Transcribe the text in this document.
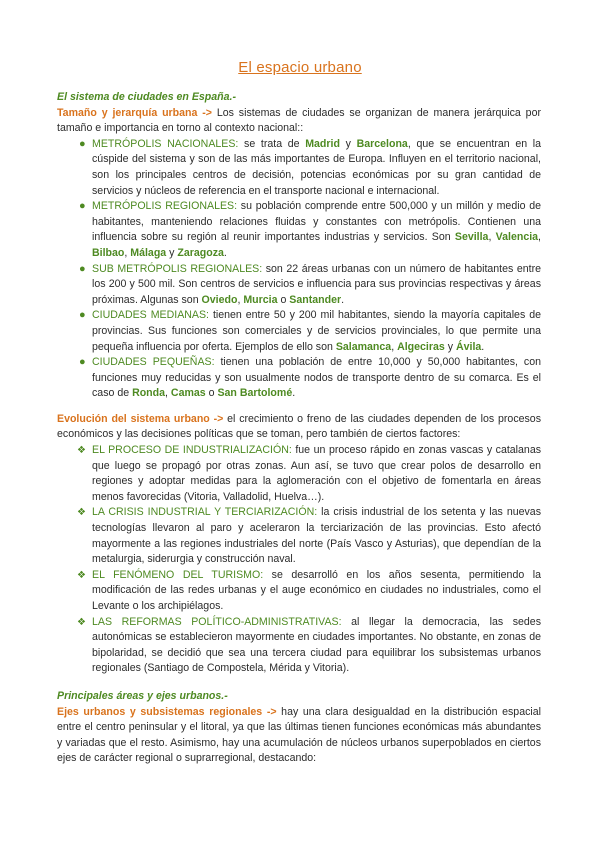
El espacio urbano
El sistema de ciudades en España.-

Tamaño y jerarquía urbana -> Los sistemas de ciudades se organizan de manera jerárquica por tamaño e importancia en torno al contexto nacional::

● METRÓPOLIS NACIONALES: se trata de Madrid y Barcelona, que se encuentran en la cúspide del sistema y son de las más importantes de Europa. Influyen en el territorio nacional, son los principales centros de decisión, potencias económicas por su gran cantidad de servicios y núcleos de referencia en el transporte nacional e internacional.
● METRÓPOLIS REGIONALES: su población comprende entre 500,000 y un millón y medio de habitantes, manteniendo relaciones fluidas y constantes con metrópolis. Contienen una influencia sobre su región al reunir importantes industrias y servicios. Son Sevilla, Valencia, Bilbao, Málaga y Zaragoza.
● SUB METRÓPOLIS REGIONALES: son 22 áreas urbanas con un número de habitantes entre los 200 y 500 mil. Son centros de servicios e influencia para sus provincias respectivas y áreas próximas. Algunas son Oviedo, Murcia o Santander.
● CIUDADES MEDIANAS: tienen entre 50 y 200 mil habitantes, siendo la mayoría capitales de provincias. Sus funciones son comerciales y de servicios provinciales, lo que permite una pequeña influencia por oferta. Ejemplos de ello son Salamanca, Algeciras y Ávila.
● CIUDADES PEQUEÑAS: tienen una población de entre 10,000 y 50,000 habitantes, con funciones muy reducidas y son usualmente nodos de transporte dentro de su comarca. Es el caso de Ronda, Camas o San Bartolomé.

Evolución del sistema urbano -> el crecimiento o freno de las ciudades dependen de los procesos económicos y las decisiones políticas que se toman, pero también de ciertos factores:

❖ EL PROCESO DE INDUSTRIALIZACIÓN: fue un proceso rápido en zonas vascas y catalanas que luego se propagó por otras zonas. Aun así, se tuvo que crear polos de desarrollo en regiones y adoptar medidas para la aglomeración con el objetivo de fomentarla en áreas menos favorecidas (Vitoria, Valladolid, Huelva…).
❖ LA CRISIS INDUSTRIAL Y TERCIARIZACIÓN: la crisis industrial de los setenta y las nuevas tecnologías llevaron al paro y aceleraron la terciarización de las provincias. Esto afectó mayormente a las regiones industriales del norte (País Vasco y Asturias), que dependían de la metalurgia, siderurgia y construcción naval.
❖ EL FENÓMENO DEL TURISMO: se desarrolló en los años sesenta, permitiendo la modificación de las redes urbanas y el auge económico en ciudades no industriales, como el Levante o los archipiélagos.
❖ LAS REFORMAS POLÍTICO-ADMINISTRATIVAS: al llegar la democracia, las sedes autonómicas se establecieron mayormente en ciudades importantes. No obstante, en zonas de bipolaridad, se decidió que sea una tercera ciudad para equilibrar los subsistemas urbanos regionales (Santiago de Compostela, Mérida y Vitoria).
Principales áreas y ejes urbanos.-

Ejes urbanos y subsistemas regionales -> hay una clara desigualdad en la distribución espacial entre el centro peninsular y el litoral, ya que las últimas tienen funciones económicas más abundantes y variadas que el resto. Asimismo, hay una acumulación de núcleos urbanos superpoblados en ciertos ejes de carácter regional o suprarregional, destacando:
